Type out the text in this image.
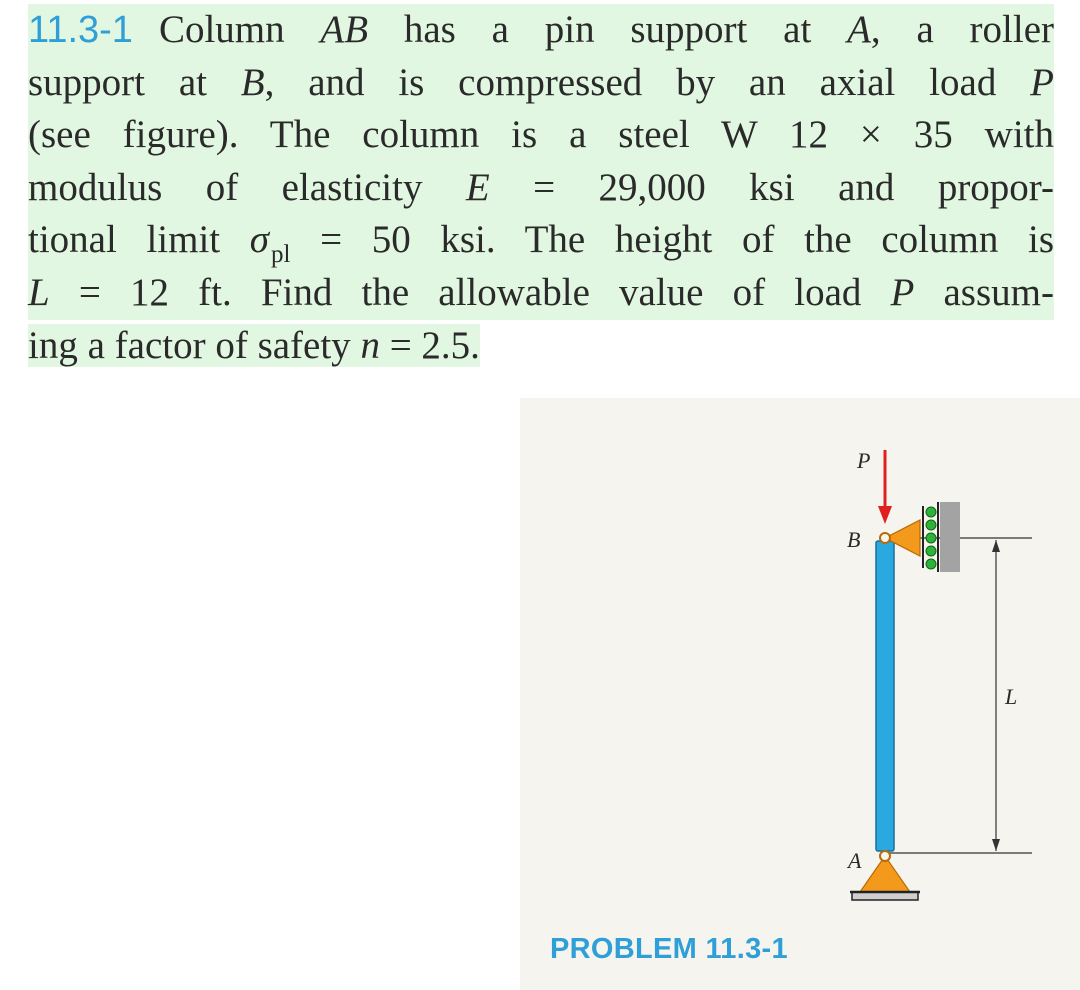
11.3-1 Column AB has a pin support at A, a roller
support at B, and is compressed by an axial load P
(see figure). The column is a steel W 12 × 35 with
modulus of elasticity E = 29,000 ksi and propor-
tional limit $\sigma_{pl} = 50$ ksi. The height of the column is
L = 12 ft. Find the allowable value of load P assum-
ing a factor of safety n = 2.5.
L
P
B
A
PROBLEM 11.3-1
